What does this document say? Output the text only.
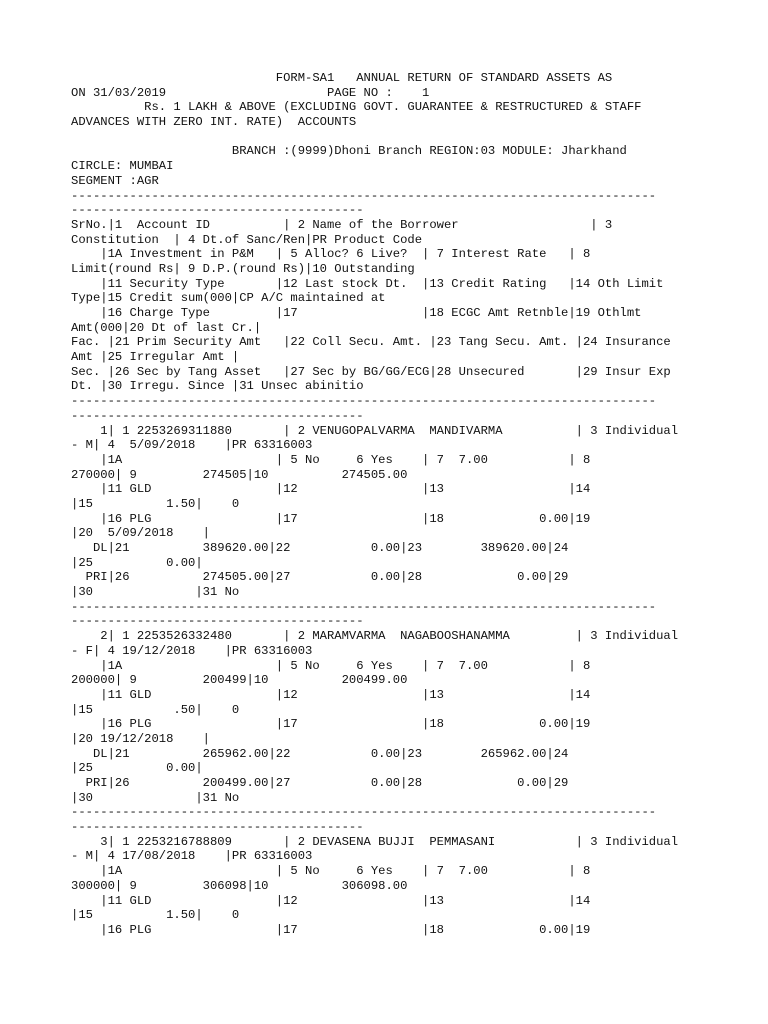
FORM-SA1   ANNUAL RETURN OF STANDARD ASSETS AS
ON 31/03/2019                      PAGE NO :    1
Rs. 1 LAKH & ABOVE (EXCLUDING GOVT. GUARANTEE & RESTRUCTURED & STAFF
ADVANCES WITH ZERO INT. RATE)  ACCOUNTS
BRANCH :(9999)Dhoni Branch REGION:03 MODULE: Jharkhand
CIRCLE: MUMBAI
SEGMENT :AGR
--------------------------------------------------------------------------------
----------------------------------------
SrNo.|1  Account ID          | 2 Name of the Borrower                  | 3
Constitution  | 4 Dt.of Sanc/Ren|PR Product Code
|1A Investment in P&M   | 5 Alloc? 6 Live?  | 7 Interest Rate   | 8
Limit(round Rs| 9 D.P.(round Rs)|10 Outstanding
|11 Security Type       |12 Last stock Dt.  |13 Credit Rating   |14 Oth Limit
Type|15 Credit sum(000|CP A/C maintained at
|16 Charge Type         |17                 |18 ECGC Amt Retnble|19 Othlmt
Amt(000|20 Dt of last Cr.|
Fac. |21 Prim Security Amt   |22 Coll Secu. Amt. |23 Tang Secu. Amt. |24 Insurance
Amt |25 Irregular Amt |
Sec. |26 Sec by Tang Asset   |27 Sec by BG/GG/ECG|28 Unsecured       |29 Insur Exp
Dt. |30 Irregu. Since |31 Unsec abinitio
--------------------------------------------------------------------------------
----------------------------------------
1| 1 2253269311880       | 2 VENUGOPALVARMA  MANDIVARMA          | 3 Individual
- M| 4  5/09/2018    |PR 63316003
|1A                     | 5 No     6 Yes    | 7  7.00           | 8
270000| 9         274505|10          274505.00
|11 GLD                 |12                 |13                 |14
|15          1.50|    0
|16 PLG                 |17                 |18             0.00|19
|20  5/09/2018    |
DL|21          389620.00|22           0.00|23        389620.00|24
|25          0.00|
PRI|26          274505.00|27           0.00|28             0.00|29
|30              |31 No
--------------------------------------------------------------------------------
----------------------------------------
2| 1 2253526332480       | 2 MARAMVARMA  NAGABOOSHANAMMA         | 3 Individual
- F| 4 19/12/2018    |PR 63316003
|1A                     | 5 No     6 Yes    | 7  7.00           | 8
200000| 9         200499|10          200499.00
|11 GLD                 |12                 |13                 |14
|15           .50|    0
|16 PLG                 |17                 |18             0.00|19
|20 19/12/2018    |
DL|21          265962.00|22           0.00|23        265962.00|24
|25          0.00|
PRI|26          200499.00|27           0.00|28             0.00|29
|30              |31 No
--------------------------------------------------------------------------------
----------------------------------------
3| 1 2253216788809       | 2 DEVASENA BUJJI  PEMMASANI           | 3 Individual
- M| 4 17/08/2018    |PR 63316003
|1A                     | 5 No     6 Yes    | 7  7.00           | 8
300000| 9         306098|10          306098.00
|11 GLD                 |12                 |13                 |14
|15          1.50|    0
|16 PLG                 |17                 |18             0.00|19
